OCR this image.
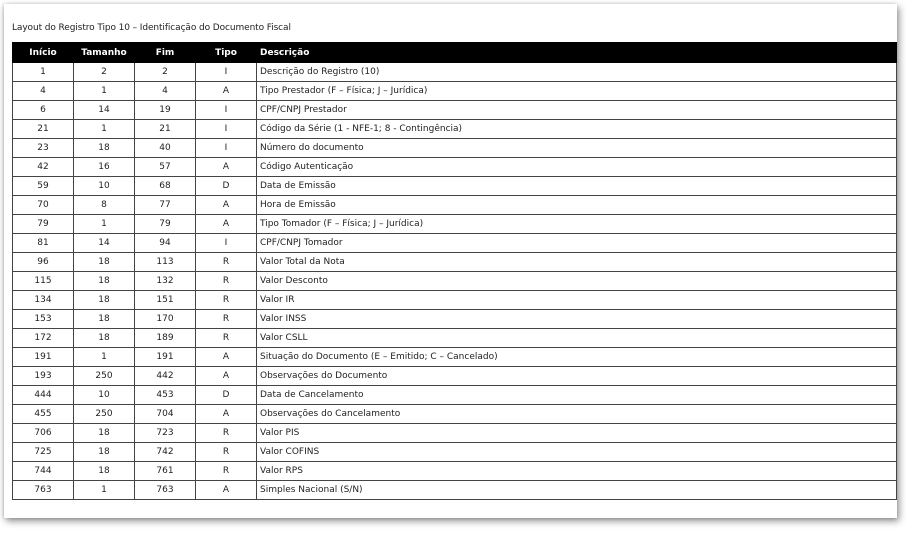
Layout do Registro Tipo 10 – Identificação do Documento Fiscal
Início	Tamanho	Fim	Tipo	Descrição
1	2	2	I	Descrição do Registro (10)
4	1	4	A	Tipo Prestador (F – Física; J – Jurídica)
6	14	19	I	CPF/CNPJ Prestador
21	1	21	I	Código da Série (1 - NFE-1; 8 - Contingência)
23	18	40	I	Número do documento
42	16	57	A	Código Autenticação
59	10	68	D	Data de Emissão
70	8	77	A	Hora de Emissão
79	1	79	A	Tipo Tomador (F – Física; J – Jurídica)
81	14	94	I	CPF/CNPJ Tomador
96	18	113	R	Valor Total da Nota
115	18	132	R	Valor Desconto
134	18	151	R	Valor IR
153	18	170	R	Valor INSS
172	18	189	R	Valor CSLL
191	1	191	A	Situação do Documento (E – Emitido; C – Cancelado)
193	250	442	A	Observações do Documento
444	10	453	D	Data de Cancelamento
455	250	704	A	Observações do Cancelamento
706	18	723	R	Valor PIS
725	18	742	R	Valor COFINS
744	18	761	R	Valor RPS
763	1	763	A	Simples Nacional (S/N)
